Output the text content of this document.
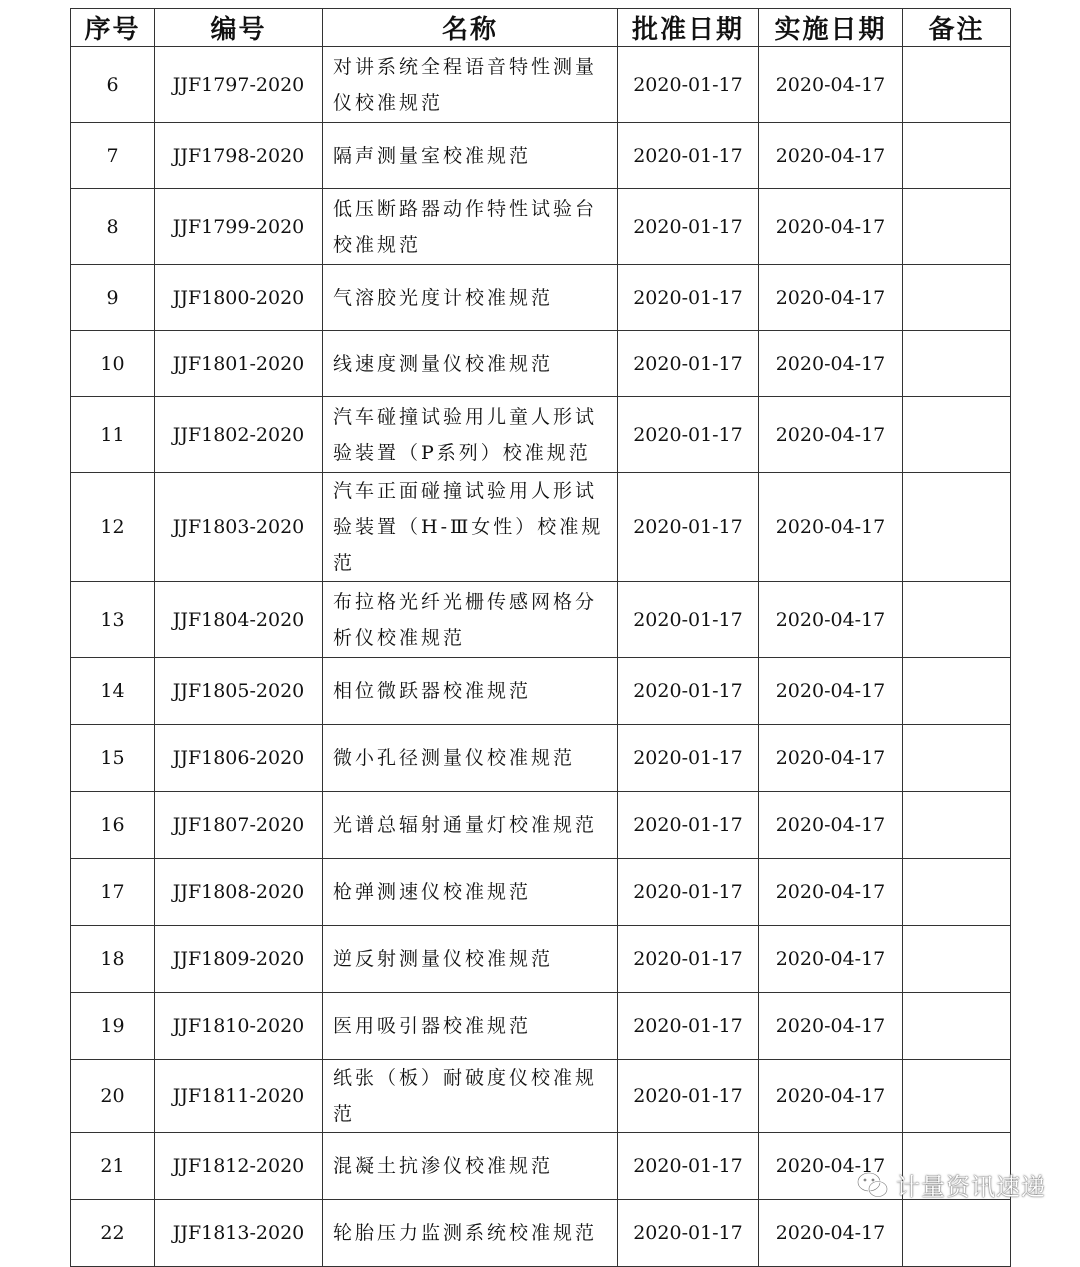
序号	编号	名称	批准日期	实施日期	备注
6	JJF1797-2020	对讲系统全程语音特性测量仪校准规范	2020-01-17	2020-04-17	
7	JJF1798-2020	隔声测量室校准规范	2020-01-17	2020-04-17	
8	JJF1799-2020	低压断路器动作特性试验台校准规范	2020-01-17	2020-04-17	
9	JJF1800-2020	气溶胶光度计校准规范	2020-01-17	2020-04-17	
10	JJF1801-2020	线速度测量仪校准规范	2020-01-17	2020-04-17	
11	JJF1802-2020	汽车碰撞试验用儿童人形试验装置（P系列）校准规范	2020-01-17	2020-04-17	
12	JJF1803-2020	汽车正面碰撞试验用人形试验装置（H-Ⅲ女性）校准规范	2020-01-17	2020-04-17	
13	JJF1804-2020	布拉格光纤光栅传感网格分析仪校准规范	2020-01-17	2020-04-17	
14	JJF1805-2020	相位微跃器校准规范	2020-01-17	2020-04-17	
15	JJF1806-2020	微小孔径测量仪校准规范	2020-01-17	2020-04-17	
16	JJF1807-2020	光谱总辐射通量灯校准规范	2020-01-17	2020-04-17	
17	JJF1808-2020	枪弹测速仪校准规范	2020-01-17	2020-04-17	
18	JJF1809-2020	逆反射测量仪校准规范	2020-01-17	2020-04-17	
19	JJF1810-2020	医用吸引器校准规范	2020-01-17	2020-04-17	
20	JJF1811-2020	纸张（板）耐破度仪校准规范	2020-01-17	2020-04-17	
21	JJF1812-2020	混凝土抗渗仪校准规范	2020-01-17	2020-04-17	
22	JJF1813-2020	轮胎压力监测系统校准规范	2020-01-17	2020-04-17	
计量资讯速递
